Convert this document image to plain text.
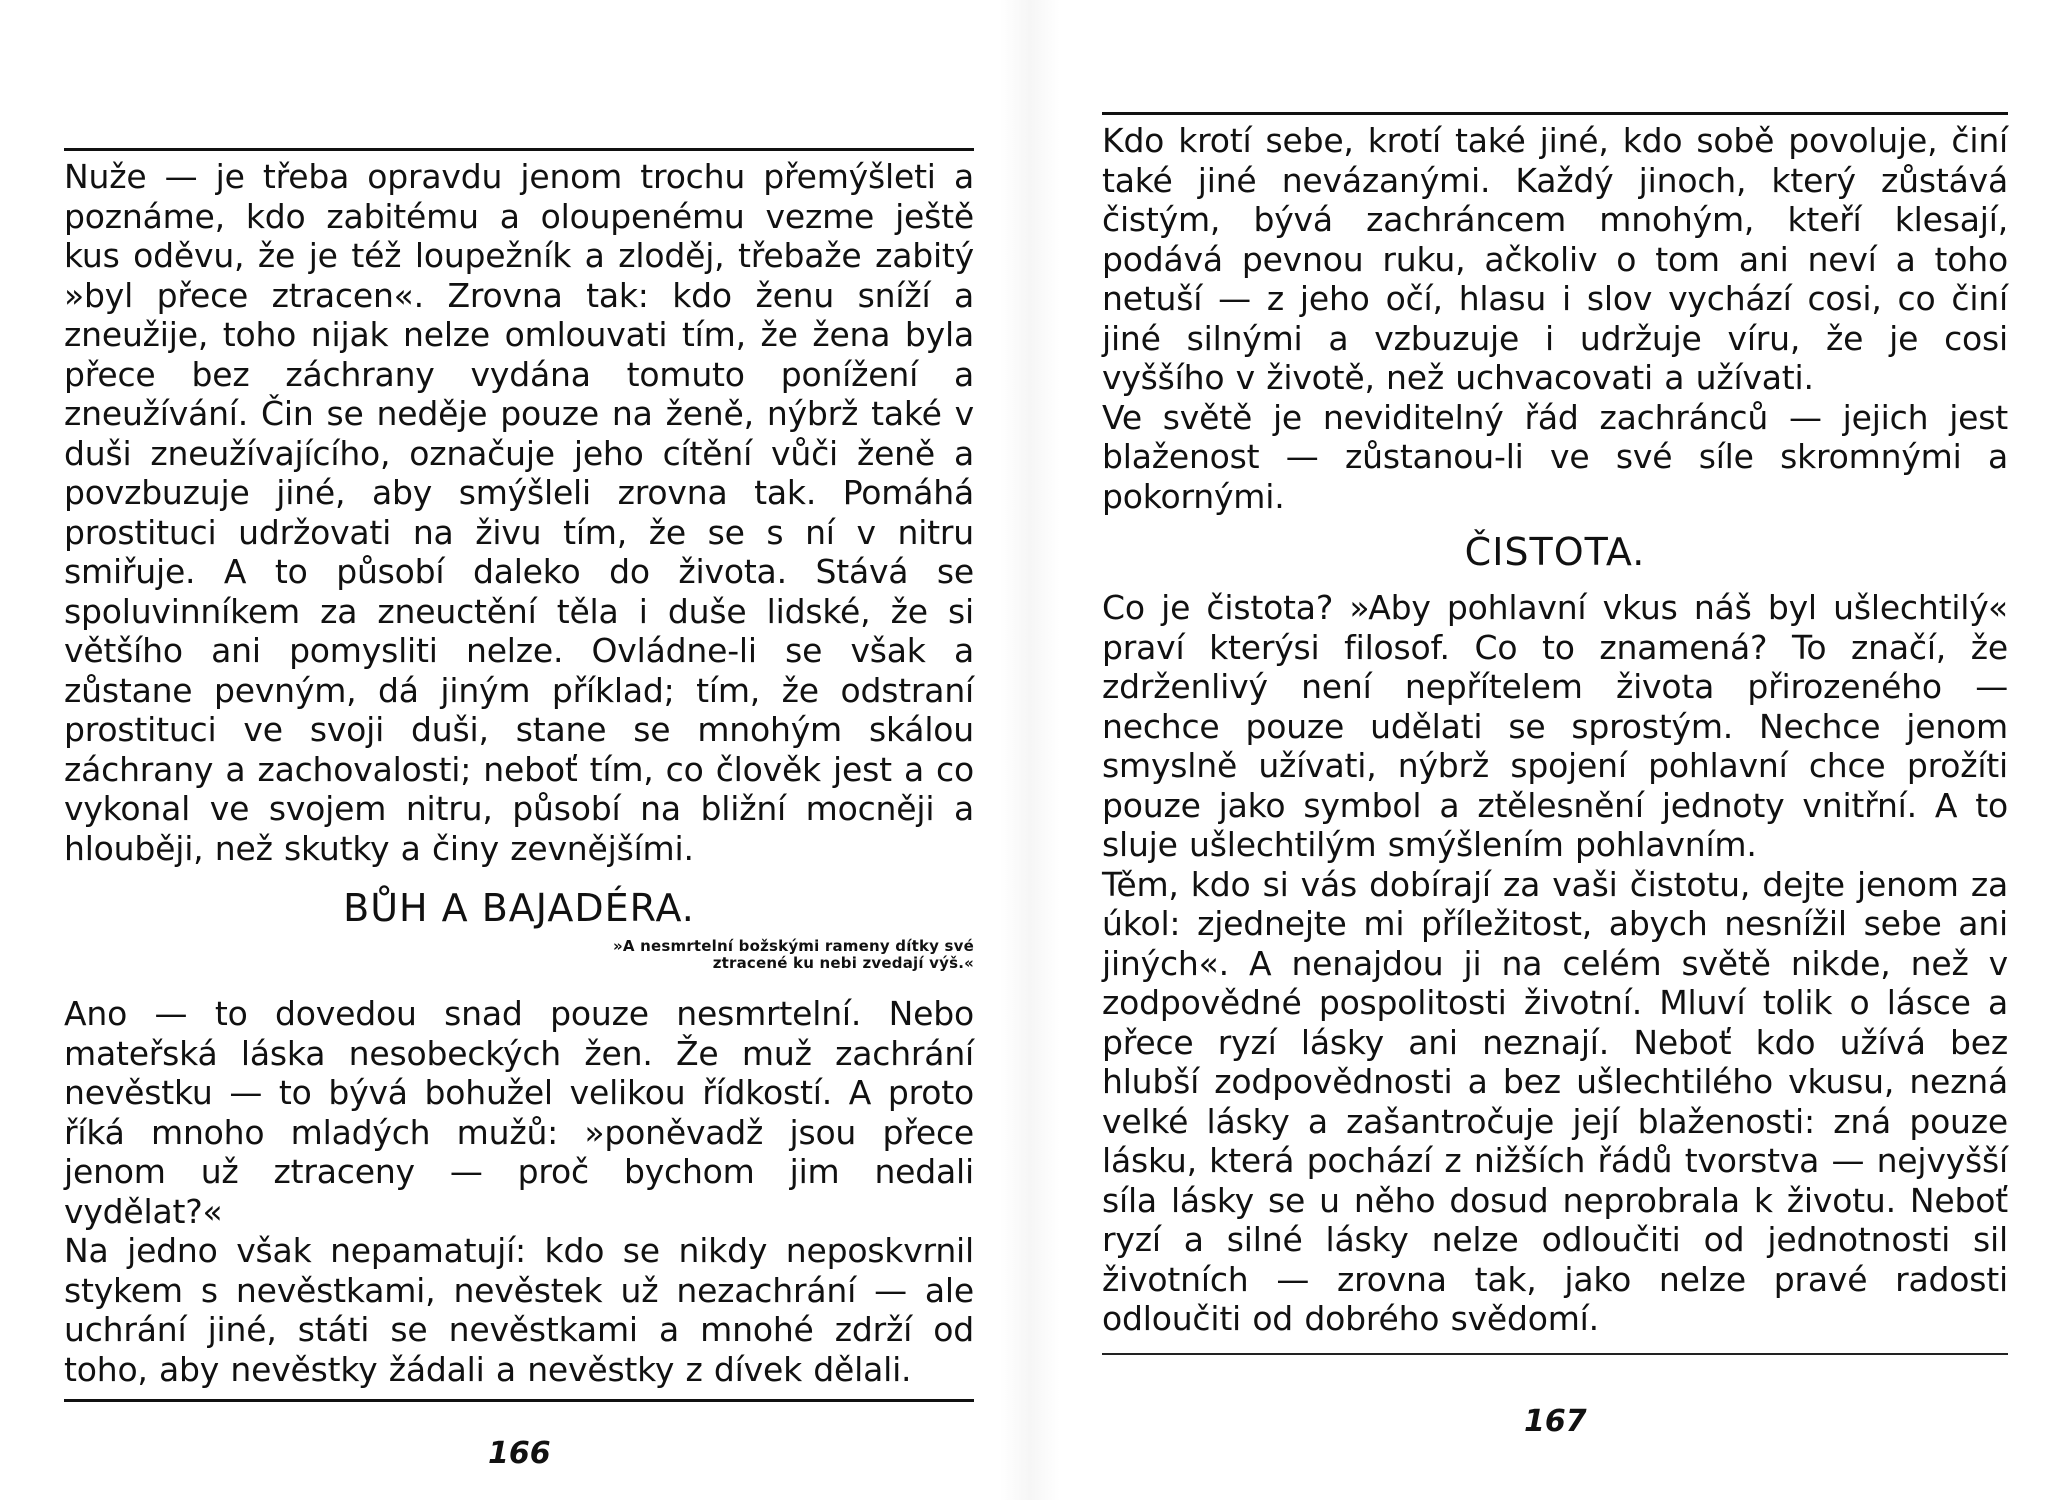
Nuže — je třeba opravdu jenom trochu přemýšleti a poznáme, kdo zabitému a oloupenému vezme ještě kus oděvu, že je též loupežník a zloděj, třebaže zabitý »byl přece ztracen«. Zrovna tak: kdo ženu sníží a zneužije, toho nijak nelze omlouvati tím, že žena byla přece bez záchrany vydána tomuto ponížení a zneužívání. Čin se neděje pouze na ženě, nýbrž také v duši zneužívajícího, označuje jeho cítění vůči ženě a povzbuzuje jiné, aby smýšleli zrovna tak. Pomáhá prostituci udržovati na živu tím, že se s ní v nitru smiřuje. A to působí daleko do života. Stává se spoluvinníkem za zneuctění těla i duše lidské, že si většího ani pomysliti nelze. Ovládne-li se však a zůstane pevným, dá jiným příklad; tím, že odstraní prostituci ve svoji duši, stane se mnohým skálou záchrany a zachovalosti; neboť tím, co člověk jest a co vykonal ve svojem nitru, působí na bližní mocněji a hlouběji, než skutky a činy zevnějšími.

BŮH A BAJADÉRA.
»A nesmrtelní božskými rameny dítky své ztracené ku nebi zvedají výš.«

Ano — to dovedou snad pouze nesmrtelní. Nebo mateřská láska nesobeckých žen. Že muž zachrání nevěstku — to bývá bohužel velikou řídkostí. A proto říká mnoho mladých mužů: »poněvadž jsou přece jenom už ztraceny — proč bychom jim nedali vydělat?«

Na jedno však nepamatují: kdo se nikdy neposkvrnil stykem s nevěstkami, nevěstek už nezachrání — ale uchrání jiné, státi se nevěstkami a mnohé zdrží od toho, aby nevěstky žádali a nevěstky z dívek dělali.

166

Kdo krotí sebe, krotí také jiné, kdo sobě povoluje, činí také jiné nevázanými. Každý jinoch, který zůstává čistým, bývá zachráncem mnohým, kteří klesají, podává pevnou ruku, ačkoliv o tom ani neví a toho netuší — z jeho očí, hlasu i slov vychází cosi, co činí jiné silnými a vzbuzuje i udržuje víru, že je cosi vyššího v životě, než uchvacovati a užívati.

Ve světě je neviditelný řád zachránců — jejich jest blaženost — zůstanou-li ve své síle skromnými a pokornými.

ČISTOTA.

Co je čistota? »Aby pohlavní vkus náš byl ušlechtilý« praví kterýsi filosof. Co to znamená? To značí, že zdrženlivý není nepřítelem života přirozeného — nechce pouze udělati se sprostým. Nechce jenom smyslně užívati, nýbrž spojení pohlavní chce prožíti pouze jako symbol a ztělesnění jednoty vnitřní. A to sluje ušlechtilým smýšlením pohlavním.

Těm, kdo si vás dobírají za vaši čistotu, dejte jenom za úkol: zjednejte mi příležitost, abych nesnížil sebe ani jiných«. A nenajdou ji na celém světě nikde, než v zodpovědné pospolitosti životní. Mluví tolik o lásce a přece ryzí lásky ani neznají. Neboť kdo užívá bez hlubší zodpovědnosti a bez ušlechtilého vkusu, nezná velké lásky a zašantročuje její blaženosti: zná pouze lásku, která pochází z nižších řádů tvorstva — nejvyšší síla lásky se u něho dosud neprobrala k životu. Neboť ryzí a silné lásky nelze odloučiti od jednotnosti sil životních — zrovna tak, jako nelze pravé radosti odloučiti od dobrého svědomí.

167
